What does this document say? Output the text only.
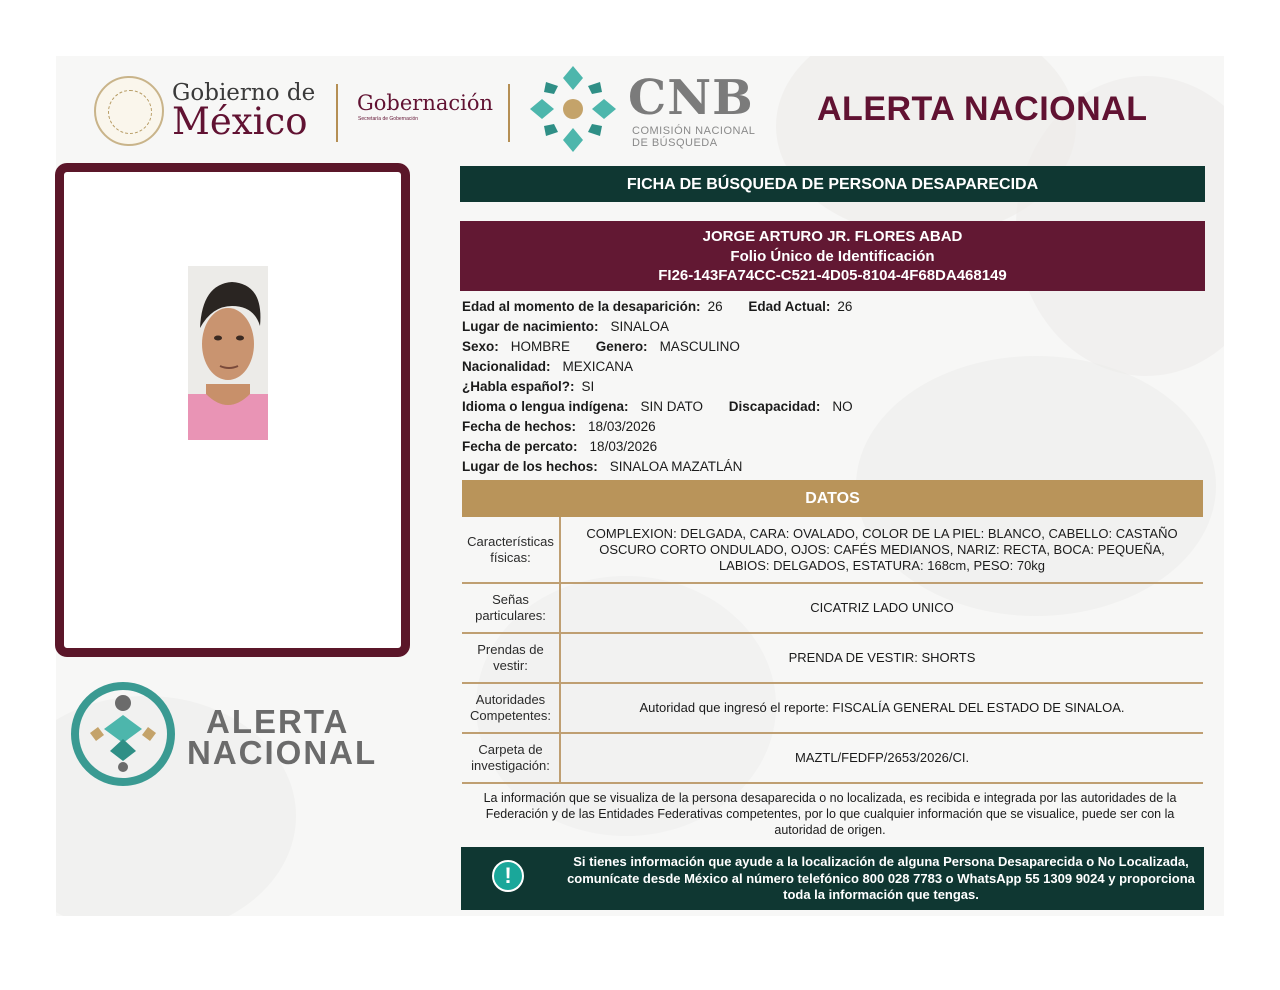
Gobierno de
México Gobernación
Secretaría de Gobernación	CNB
COMISIÓN NACIONAL
DE BÚSQUEDA
ALERTA NACIONAL
ALERTA
NACIONAL
FICHA DE BÚSQUEDA DE PERSONA DESAPARECIDA
JORGE ARTURO JR. FLORES ABAD
Folio Único de Identificación
FI26-143FA74CC-C521-4D05-8104-4F68DA468149
Edad al momento de la desaparición: 26 Edad Actual: 26
Lugar de nacimiento: SINALOA
Sexo: HOMBRE Genero: MASCULINO
Nacionalidad: MEXICANA
¿Habla español?: SI
Idioma o lengua indígena: SIN DATO Discapacidad: NO
Fecha de hechos: 18/03/2026
Fecha de percato: 18/03/2026
Lugar de los hechos: SINALOA MAZATLÁN
DATOS
Características físicas:
COMPLEXION: DELGADA, CARA: OVALADO, COLOR DE LA PIEL: BLANCO, CABELLO: CASTAÑO OSCURO CORTO ONDULADO, OJOS: CAFÉS MEDIANOS, NARIZ: RECTA, BOCA: PEQUEÑA, LABIOS: DELGADOS, ESTATURA: 168cm, PESO: 70kg
Señas particulares:
CICATRIZ LADO UNICO
Prendas de vestir:
PRENDA DE VESTIR: SHORTS
Autoridades Competentes:
Autoridad que ingresó el reporte: FISCALÍA GENERAL DEL ESTADO DE SINALOA.
Carpeta de investigación:
MAZTL/FEDFP/2653/2026/CI.
La información que se visualiza de la persona desaparecida o no localizada, es recibida e integrada por las autoridades de la Federación y de las Entidades Federativas competentes, por lo que cualquier información que se visualice, puede ser con la autoridad de origen.
!
Si tienes información que ayude a la localización de alguna Persona Desaparecida o No Localizada, comunícate desde México al número telefónico 800 028 7783 o WhatsApp 55 1309 9024 y proporciona toda la información que tengas.
